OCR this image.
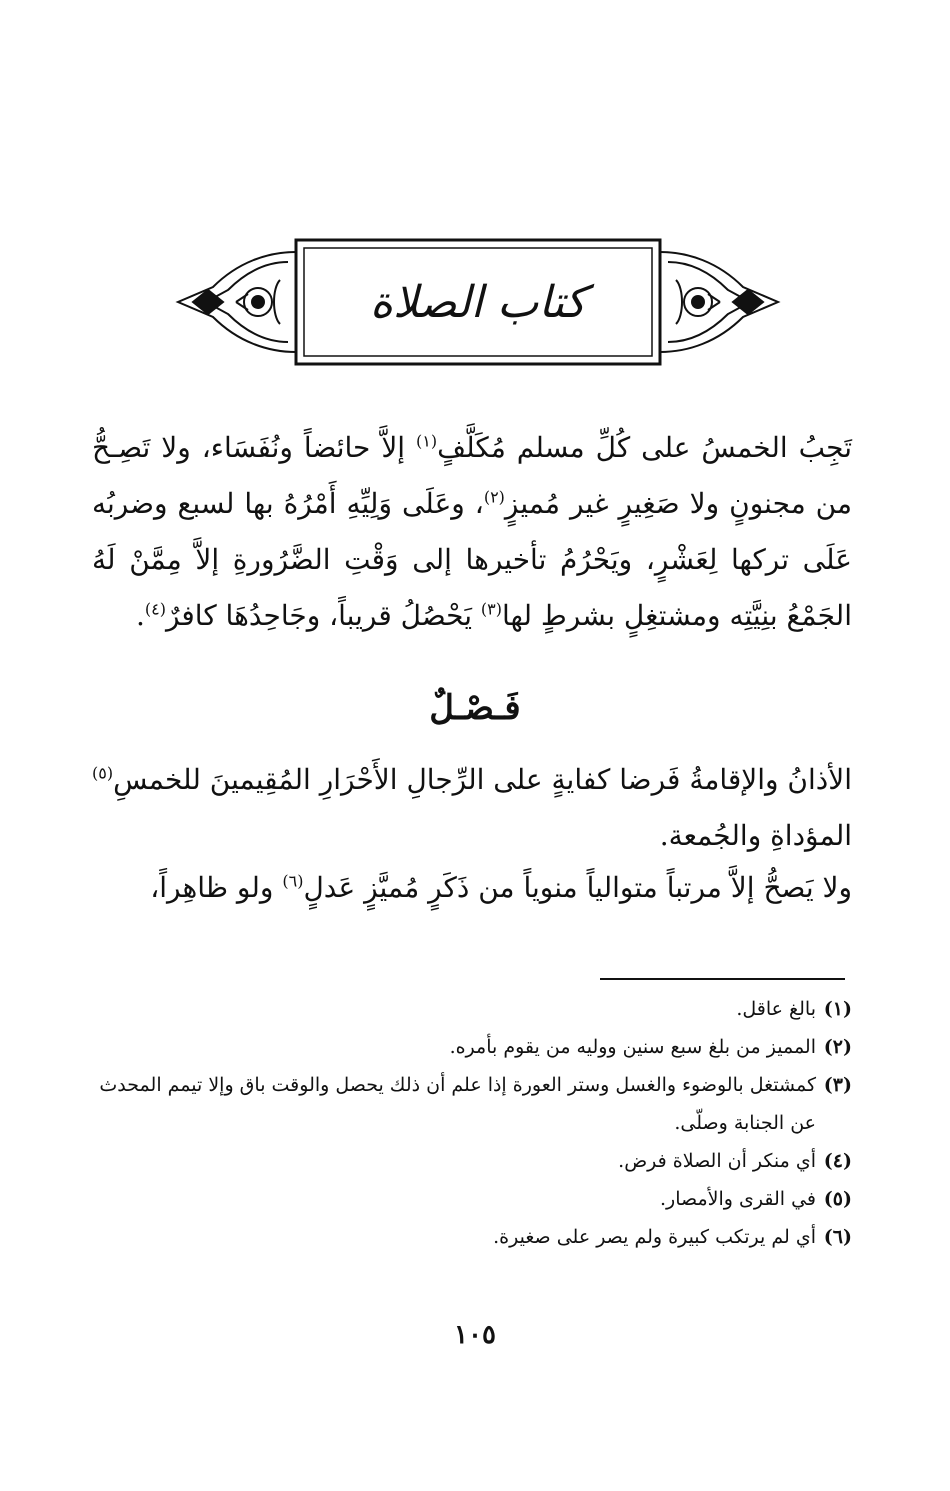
كتاب الصلاة
تَجِبُ الخمسُ على كُلِّ مسلم مُكَلَّفٍ$^{(١)}$ إلاَّ حائضاً ونُفَسَاء، ولا تَصِـحُّ من مجنونٍ ولا صَغِيرٍ غير مُميزٍ$^{(٢)}$، وعَلَى وَلِيِّهِ أَمْرُهُ بها لسبع وضربُه عَلَى تركها لِعَشْرٍ، ويَحْرُمُ تأخيرها إلى وَقْتِ الضَّرُورةِ إلاَّ مِمَّنْ لَهُ الجَمْعُ بنِيَّتِه ومشتغِلٍ بشرطٍ لها$^{(٣)}$ يَحْصُلُ قريباً، وجَاحِدُهَا كافرٌ$^{(٤)}$.
فَـصْـلٌ
الأذانُ والإقامةُ فَرضا كفايةٍ على الرِّجالِ الأَحْرَارِ المُقِيمينَ للخمسِ$^{(٥)}$ المؤداةِ والجُمعة.
ولا يَصحُّ إلاَّ مرتباً متوالياً منوياً من ذَكَرٍ مُميَّزٍ عَدلٍ$^{(٦)}$ ولو ظاهِراً،
(١)
بالغ عاقل.
(٢)
المميز من بلغ سبع سنين ووليه من يقوم بأمره.
(٣)
كمشتغل بالوضوء والغسل وستر العورة إذا علم أن ذلك يحصل والوقت باق وإلا تيمم المحدث عن الجنابة وصلّى.
(٤)
أي منكر أن الصلاة فرض.
(٥)
في القرى والأمصار.
(٦)
أي لم يرتكب كبيرة ولم يصر على صغيرة.
١٠٥
